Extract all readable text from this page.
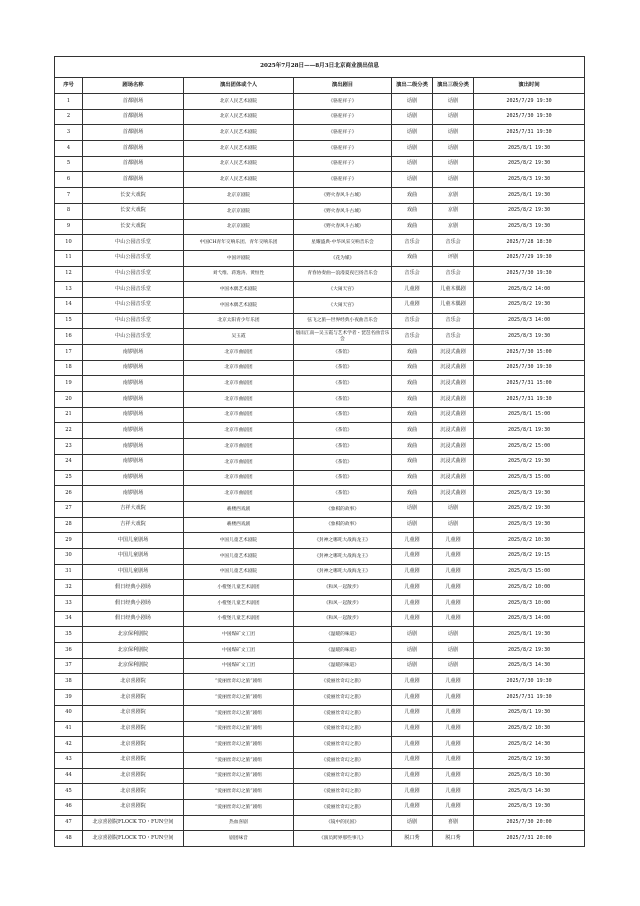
2025年7月28日——8月3日北京商业演出信息						
序号	剧场名称	演出团体或个人	演出剧目	演出二级分类	演出三级分类	演出时间
1	首都剧场	北京人民艺术剧院	《骆驼祥子》	话剧	话剧	2025/7/29 19:30
2	首都剧场	北京人民艺术剧院	《骆驼祥子》	话剧	话剧	2025/7/30 19:30
3	首都剧场	北京人民艺术剧院	《骆驼祥子》	话剧	话剧	2025/7/31 19:30
4	首都剧场	北京人民艺术剧院	《骆驼祥子》	话剧	话剧	2025/8/1 19:30
5	首都剧场	北京人民艺术剧院	《骆驼祥子》	话剧	话剧	2025/8/2 19:30
6	首都剧场	北京人民艺术剧院	《骆驼祥子》	话剧	话剧	2025/8/3 19:30
7	长安大戏院	北京京剧院	《野火春风斗古城》	戏曲	京剧	2025/8/1 19:30
8	长安大戏院	北京京剧院	《野火春风斗古城》	戏曲	京剧	2025/8/2 19:30
9	长安大戏院	北京京剧院	《野火春风斗古城》	戏曲	京剧	2025/8/3 19:30
10	中山公园音乐堂	中国CH青年交响乐团、青年交响乐团	星耀盛典-中华风采交响音乐会	音乐会	音乐会	2025/7/28 18:30
11	中山公园音乐堂	中国评剧院	《花为媒》	戏曲	评剧	2025/7/29 19:30
12	中山公园音乐堂	刘弋维、蒋逸涛、黄恒性	青春协奏曲—浪漫夏夜巴扬音乐会	音乐会	音乐会	2025/7/30 19:30
13	中山公园音乐堂	中国木偶艺术剧院	《大闹天宫》	儿童剧	儿童木偶剧	2025/8/2 14:00
14	中山公园音乐堂	中国木偶艺术剧院	《大闹天宫》	儿童剧	儿童木偶剧	2025/8/2 19:30
15	中山公园音乐堂	北京太阳青少年乐团	弦飞之旅—世界经典小夜曲音乐会	音乐会	音乐会	2025/8/3 14:00
16	中山公园音乐堂	吴玉霞	烟雨江南—吴玉霞与艺术学者・琵琶名曲音乐会	音乐会	音乐会	2025/8/3 19:30
17	南锣剧场	北京市曲剧团	《茶馆》	戏曲	沉浸式曲剧	2025/7/30 15:00
18	南锣剧场	北京市曲剧团	《茶馆》	戏曲	沉浸式曲剧	2025/7/30 19:30
19	南锣剧场	北京市曲剧团	《茶馆》	戏曲	沉浸式曲剧	2025/7/31 15:00
20	南锣剧场	北京市曲剧团	《茶馆》	戏曲	沉浸式曲剧	2025/7/31 19:30
21	南锣剧场	北京市曲剧团	《茶馆》	戏曲	沉浸式曲剧	2025/8/1 15:00
22	南锣剧场	北京市曲剧团	《茶馆》	戏曲	沉浸式曲剧	2025/8/1 19:30
23	南锣剧场	北京市曲剧团	《茶馆》	戏曲	沉浸式曲剧	2025/8/2 15:00
24	南锣剧场	北京市曲剧团	《茶馆》	戏曲	沉浸式曲剧	2025/8/2 19:30
25	南锣剧场	北京市曲剧团	《茶馆》	戏曲	沉浸式曲剧	2025/8/3 15:00
26	南锣剧场	北京市曲剧团	《茶馆》	戏曲	沉浸式曲剧	2025/8/3 19:30
27	吉祥大戏院	羲楼西戏剧	《象棋的故事》	话剧	话剧	2025/8/2 19:30
28	吉祥大戏院	羲楼西戏剧	《象棋的故事》	话剧	话剧	2025/8/3 19:30
29	中国儿童剧场	中国儿童艺术剧院	《封神之哪吒大战海龙王》	儿童剧	儿童剧	2025/8/2 10:30
30	中国儿童剧场	中国儿童艺术剧院	《封神之哪吒大战海龙王》	儿童剧	儿童剧	2025/8/2 19:15
31	中国儿童剧场	中国儿童艺术剧院	《封神之哪吒大战海龙王》	儿童剧	儿童剧	2025/8/3 15:00
32	假日经典小剧场	小橙堡儿童艺术剧团	《和风一起散步》	儿童剧	儿童剧	2025/8/2 10:00
33	假日经典小剧场	小橙堡儿童艺术剧团	《和风一起散步》	儿童剧	儿童剧	2025/8/3 10:00
34	假日经典小剧场	小橙堡儿童艺术剧团	《和风一起散步》	儿童剧	儿童剧	2025/8/3 14:00
35	北京保利剧院	中国煤矿文工团	《温暖的味道》	话剧	话剧	2025/8/1 19:30
36	北京保利剧院	中国煤矿文工团	《温暖的味道》	话剧	话剧	2025/8/2 19:30
37	北京保利剧院	中国煤矿文工团	《温暖的味道》	话剧	话剧	2025/8/3 14:30
38	北京喜剧院	“爱丽丝奇幻之旅”剧组	《爱丽丝奇幻之旅》	儿童剧	儿童剧	2025/7/30 19:30
39	北京喜剧院	“爱丽丝奇幻之旅”剧组	《爱丽丝奇幻之旅》	儿童剧	儿童剧	2025/7/31 19:30
40	北京喜剧院	“爱丽丝奇幻之旅”剧组	《爱丽丝奇幻之旅》	儿童剧	儿童剧	2025/8/1 19:30
41	北京喜剧院	“爱丽丝奇幻之旅”剧组	《爱丽丝奇幻之旅》	儿童剧	儿童剧	2025/8/2 10:30
42	北京喜剧院	“爱丽丝奇幻之旅”剧组	《爱丽丝奇幻之旅》	儿童剧	儿童剧	2025/8/2 14:30
43	北京喜剧院	“爱丽丝奇幻之旅”剧组	《爱丽丝奇幻之旅》	儿童剧	儿童剧	2025/8/2 19:30
44	北京喜剧院	“爱丽丝奇幻之旅”剧组	《爱丽丝奇幻之旅》	儿童剧	儿童剧	2025/8/3 10:30
45	北京喜剧院	“爱丽丝奇幻之旅”剧组	《爱丽丝奇幻之旅》	儿童剧	儿童剧	2025/8/3 14:30
46	北京喜剧院	“爱丽丝奇幻之旅”剧组	《爱丽丝奇幻之旅》	儿童剧	儿童剧	2025/8/3 19:30
47	北京喜剧院FLOCK TO・FUN空间	热血喜剧	《镜中的民国》	话剧	喜剧	2025/7/30 20:00
48	北京喜剧院FLOCK TO・FUN空间	剧团味音	《演员跨界那些事儿》	脱口秀	脱口秀	2025/7/31 20:00
